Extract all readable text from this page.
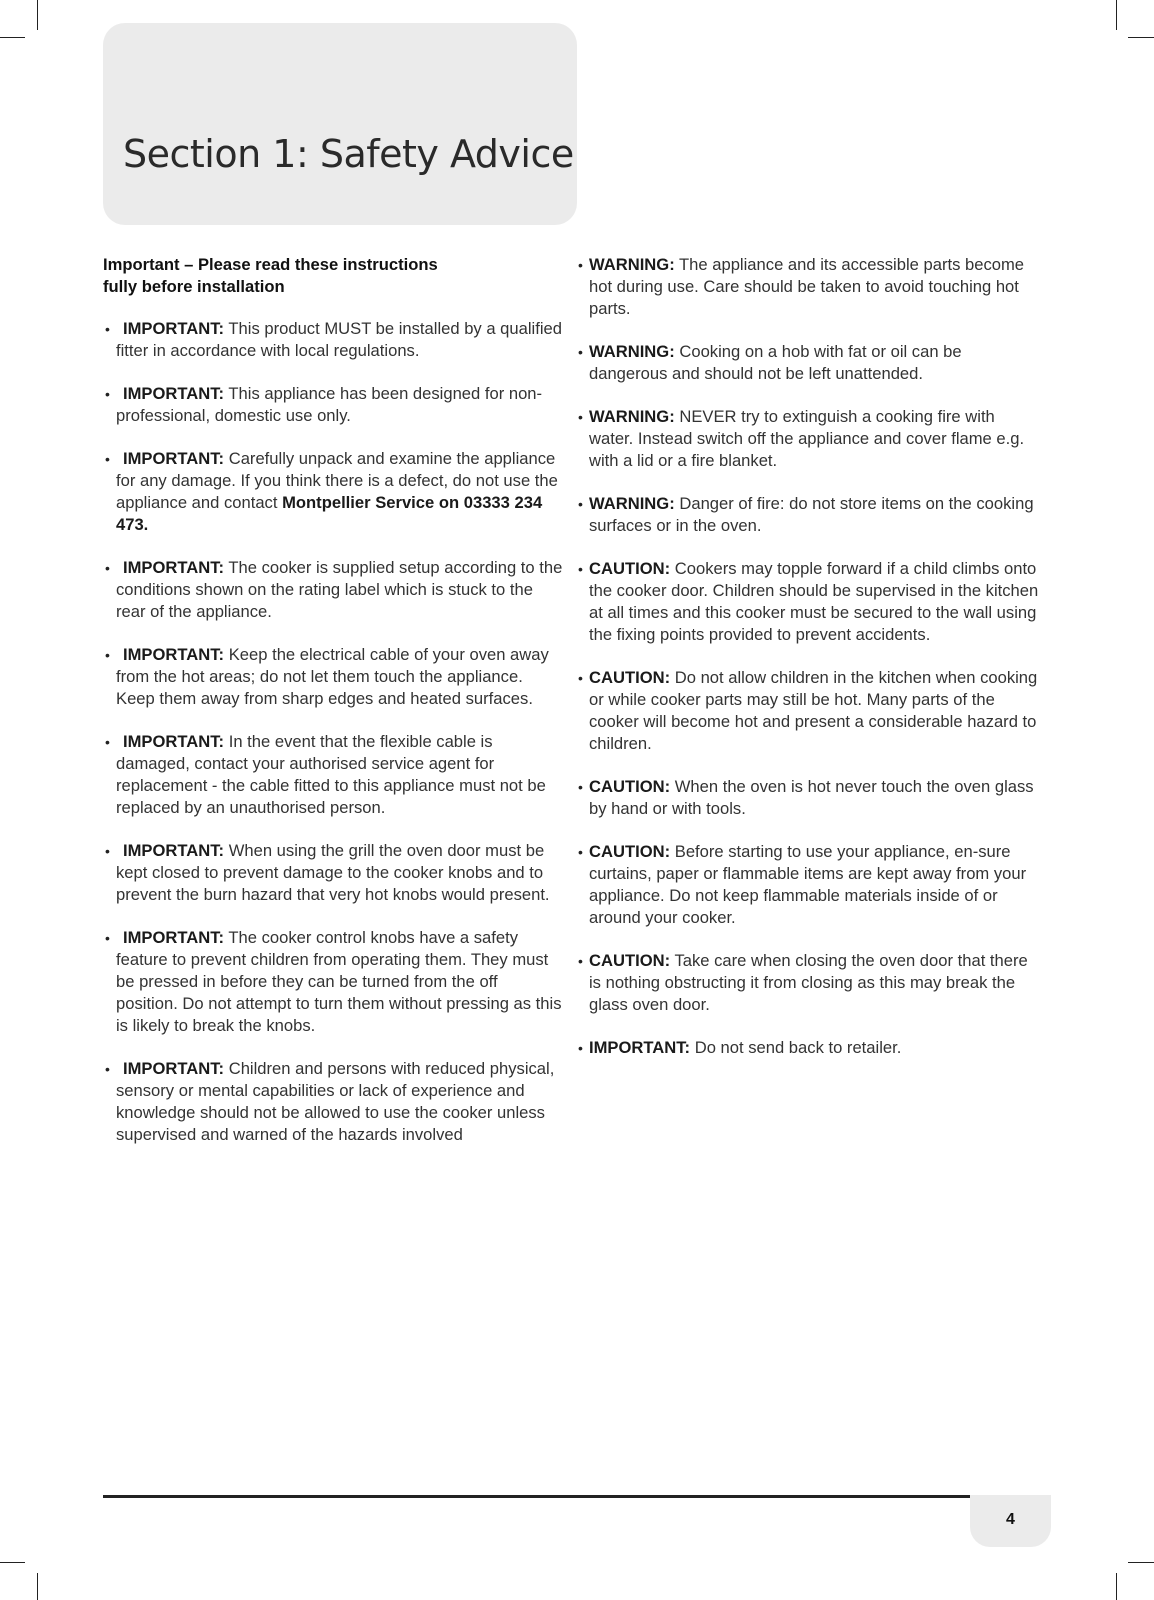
Section 1: Safety Advice
Important – Please read these instructions
fully before installation
• IMPORTANT: This product MUST be installed by a qualified fitter in accordance with local regulations.
• IMPORTANT: This appliance has been designed for non-professional, domestic use only.
• IMPORTANT: Carefully unpack and examine the appliance for any damage. If you think there is a defect, do not use the appliance and contact Montpellier Service on 03333 234 473.
• IMPORTANT: The cooker is supplied setup according to the conditions shown on the rating label which is stuck to the rear of the appliance.
• IMPORTANT: Keep the electrical cable of your oven away from the hot areas; do not let them touch the appliance. Keep them away from sharp edges and heated surfaces.
• IMPORTANT: In the event that the flexible cable is damaged, contact your authorised service agent for replacement - the cable fitted to this appliance must not be replaced by an unauthorised person.
• IMPORTANT: When using the grill the oven door must be kept closed to prevent damage to the cooker knobs and to prevent the burn hazard that very hot knobs would present.
• IMPORTANT: The cooker control knobs have a safety feature to prevent children from operating them. They must be pressed in before they can be turned from the off position. Do not attempt to turn them without pressing as this is likely to break the knobs.
• IMPORTANT: Children and persons with reduced physical, sensory or mental capabilities or lack of experience and knowledge should not be allowed to use the cooker unless supervised and warned of the hazards involved
• WARNING: The appliance and its accessible parts become hot during use. Care should be taken to avoid touching hot parts.
• WARNING: Cooking on a hob with fat or oil can be dangerous and should not be left unattended.
• WARNING: NEVER try to extinguish a cooking fire with water. Instead switch off the appliance and cover flame e.g. with a lid or a fire blanket.
• WARNING: Danger of fire: do not store items on the cooking surfaces or in the oven.
• CAUTION: Cookers may topple forward if a child climbs onto the cooker door. Children should be supervised in the kitchen at all times and this cooker must be secured to the wall using the fixing points provided to prevent accidents.
• CAUTION: Do not allow children in the kitchen when cooking or while cooker parts may still be hot. Many parts of the cooker will become hot and present a considerable hazard to children.
• CAUTION: When the oven is hot never touch the oven glass by hand or with tools.
• CAUTION: Before starting to use your appliance, en-sure curtains, paper or flammable items are kept away from your appliance. Do not keep flammable materials inside of or around your cooker.
• CAUTION: Take care when closing the oven door that there is nothing obstructing it from closing as this may break the glass oven door.
• IMPORTANT: Do not send back to retailer.
4
